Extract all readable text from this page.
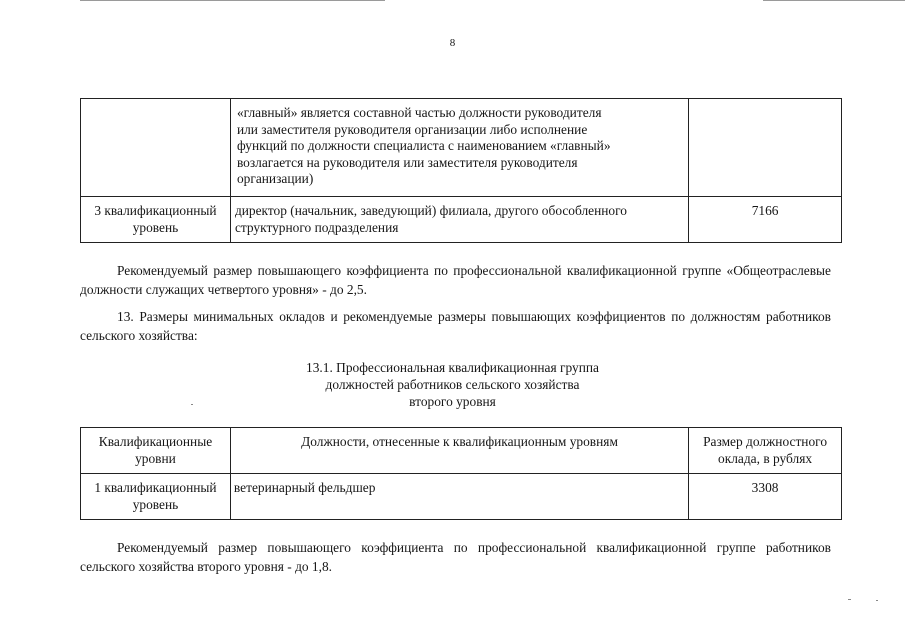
8

	«главный» является составной частью должности руководителя
или заместителя руководителя организации либо исполнение
функций по должности специалиста с наименованием «главный»
возлагается на руководителя или заместителя руководителя
организации)	

3 квалификационный уровень	директор (начальник, заведующий) филиала, другого обособленного структурного подразделения	7166
Рекомендуемый размер повышающего коэффициента по профессиональной квалификационной группе «Общеотраслевые должности служащих четвертого уровня» - до 2,5.
13. Размеры минимальных окладов и рекомендуемые размеры повышающих коэффициентов по должностям работников сельского хозяйства:
13.1. Профессиональная квалификационная группа
должностей работников сельского хозяйства
второго уровня
Квалификационные уровни	Должности, отнесенные к квалификационным уровням	Размер должностного оклада, в рублях
1 квалификационный уровень	ветеринарный фельдшер	3308
Рекомендуемый размер повышающего коэффициента по профессиональной квалификационной группе работников сельского хозяйства второго уровня - до 1,8.
